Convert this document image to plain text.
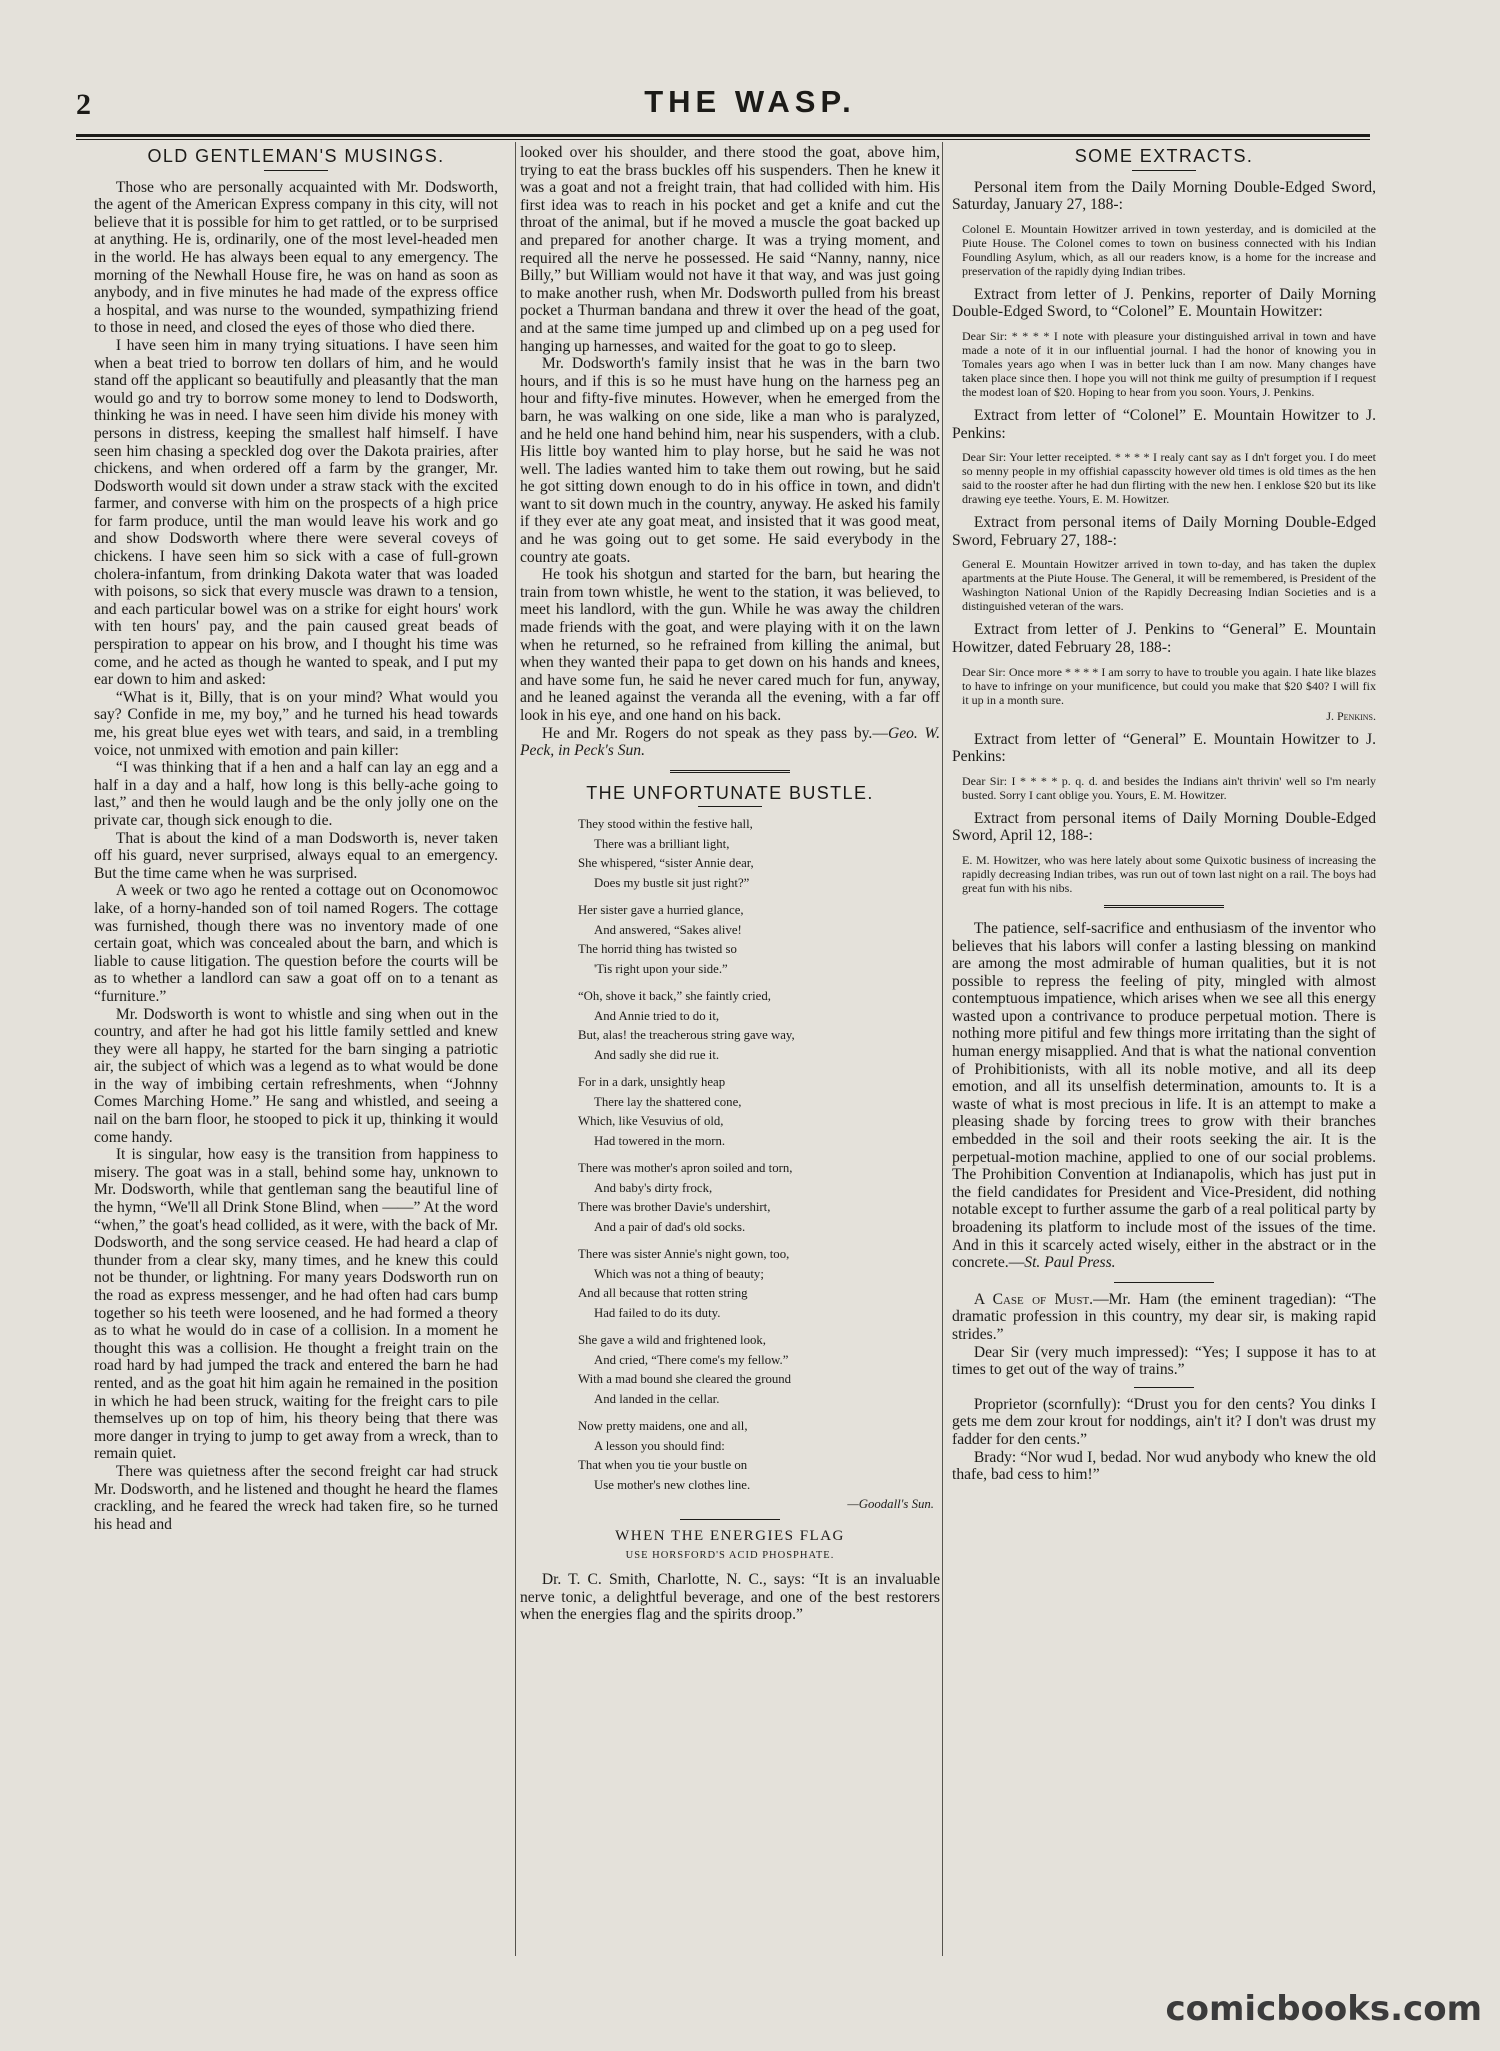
2	THE WASP.
OLD GENTLEMAN'S MUSINGS.

Those who are personally acquainted with Mr. Dodsworth, the agent of the American Express company in this city, will not believe that it is possible for him to get rattled, or to be surprised at anything. He is, ordinarily, one of the most level-headed men in the world. He has always been equal to any emergency. The morning of the Newhall House fire, he was on hand as soon as anybody, and in five minutes he had made of the express office a hospital, and was nurse to the wounded, sympathizing friend to those in need, and closed the eyes of those who died there.

I have seen him in many trying situations. I have seen him when a beat tried to borrow ten dollars of him, and he would stand off the applicant so beautifully and pleasantly that the man would go and try to borrow some money to lend to Dodsworth, thinking he was in need. I have seen him divide his money with persons in distress, keeping the smallest half himself. I have seen him chasing a speckled dog over the Dakota prairies, after chickens, and when ordered off a farm by the granger, Mr. Dodsworth would sit down under a straw stack with the excited farmer, and converse with him on the prospects of a high price for farm produce, until the man would leave his work and go and show Dodsworth where there were several coveys of chickens. I have seen him so sick with a case of full-grown cholera-infantum, from drinking Dakota water that was loaded with poisons, so sick that every muscle was drawn to a tension, and each particular bowel was on a strike for eight hours' work with ten hours' pay, and the pain caused great beads of perspiration to appear on his brow, and I thought his time was come, and he acted as though he wanted to speak, and I put my ear down to him and asked:

“What is it, Billy, that is on your mind? What would you say? Confide in me, my boy,” and he turned his head towards me, his great blue eyes wet with tears, and said, in a trembling voice, not unmixed with emotion and pain killer:

“I was thinking that if a hen and a half can lay an egg and a half in a day and a half, how long is this belly-ache going to last,” and then he would laugh and be the only jolly one on the private car, though sick enough to die.

That is about the kind of a man Dodsworth is, never taken off his guard, never surprised, always equal to an emergency. But the time came when he was surprised.

A week or two ago he rented a cottage out on Oconomowoc lake, of a horny-handed son of toil named Rogers. The cottage was furnished, though there was no inventory made of one certain goat, which was concealed about the barn, and which is liable to cause litigation. The question before the courts will be as to whether a landlord can saw a goat off on to a tenant as “furniture.”

Mr. Dodsworth is wont to whistle and sing when out in the country, and after he had got his little family settled and knew they were all happy, he started for the barn singing a patriotic air, the subject of which was a legend as to what would be done in the way of imbibing certain refreshments, when “Johnny Comes Marching Home.” He sang and whistled, and seeing a nail on the barn floor, he stooped to pick it up, thinking it would come handy.

It is singular, how easy is the transition from happiness to misery. The goat was in a stall, behind some hay, unknown to Mr. Dodsworth, while that gentleman sang the beautiful line of the hymn, “We'll all Drink Stone Blind, when ——” At the word “when,” the goat's head collided, as it were, with the back of Mr. Dodsworth, and the song service ceased. He had heard a clap of thunder from a clear sky, many times, and he knew this could not be thunder, or lightning. For many years Dodsworth run on the road as express messenger, and he had often had cars bump together so his teeth were loosened, and he had formed a theory as to what he would do in case of a collision. In a moment he thought this was a collision. He thought a freight train on the road hard by had jumped the track and entered the barn he had rented, and as the goat hit him again he remained in the position in which he had been struck, waiting for the freight cars to pile themselves up on top of him, his theory being that there was more danger in trying to jump to get away from a wreck, than to remain quiet.

There was quietness after the second freight car had struck Mr. Dodsworth, and he listened and thought he heard the flames crackling, and he feared the wreck had taken fire, so he turned his head and

looked over his shoulder, and there stood the goat, above him, trying to eat the brass buckles off his suspenders. Then he knew it was a goat and not a freight train, that had collided with him. His first idea was to reach in his pocket and get a knife and cut the throat of the animal, but if he moved a muscle the goat backed up and prepared for another charge. It was a trying moment, and required all the nerve he possessed. He said “Nanny, nanny, nice Billy,” but William would not have it that way, and was just going to make another rush, when Mr. Dodsworth pulled from his breast pocket a Thurman bandana and threw it over the head of the goat, and at the same time jumped up and climbed up on a peg used for hanging up harnesses, and waited for the goat to go to sleep.

Mr. Dodsworth's family insist that he was in the barn two hours, and if this is so he must have hung on the harness peg an hour and fifty-five minutes. However, when he emerged from the barn, he was walking on one side, like a man who is paralyzed, and he held one hand behind him, near his suspenders, with a club. His little boy wanted him to play horse, but he said he was not well. The ladies wanted him to take them out rowing, but he said he got sitting down enough to do in his office in town, and didn't want to sit down much in the country, anyway. He asked his family if they ever ate any goat meat, and insisted that it was good meat, and he was going out to get some. He said everybody in the country ate goats.

He took his shotgun and started for the barn, but hearing the train from town whistle, he went to the station, it was believed, to meet his landlord, with the gun. While he was away the children made friends with the goat, and were playing with it on the lawn when he returned, so he refrained from killing the animal, but when they wanted their papa to get down on his hands and knees, and have some fun, he said he never cared much for fun, anyway, and he leaned against the veranda all the evening, with a far off look in his eye, and one hand on his back.

He and Mr. Rogers do not speak as they pass by.—Geo. W. Peck, in Peck's Sun.

THE UNFORTUNATE BUSTLE.
They stood within the festive hall,
There was a brilliant light,
She whispered, “sister Annie dear,
Does my bustle sit just right?”
Her sister gave a hurried glance,
And answered, “Sakes alive!
The horrid thing has twisted so
'Tis right upon your side.”
“Oh, shove it back,” she faintly cried,
And Annie tried to do it,
But, alas! the treacherous string gave way,
And sadly she did rue it.
For in a dark, unsightly heap
There lay the shattered cone,
Which, like Vesuvius of old,
Had towered in the morn.
There was mother's apron soiled and torn,
And baby's dirty frock,
There was brother Davie's undershirt,
And a pair of dad's old socks.
There was sister Annie's night gown, too,
Which was not a thing of beauty;
And all because that rotten string
Had failed to do its duty.
She gave a wild and frightened look,
And cried, “There come's my fellow.”
With a mad bound she cleared the ground
And landed in the cellar.
Now pretty maidens, one and all,
A lesson you should find:
That when you tie your bustle on
Use mother's new clothes line.
—Goodall's Sun.
WHEN THE ENERGIES FLAG
USE HORSFORD'S ACID PHOSPHATE.

Dr. T. C. Smith, Charlotte, N. C., says: “It is an invaluable nerve tonic, a delightful beverage, and one of the best restorers when the energies flag and the spirits droop.”

SOME EXTRACTS.

Personal item from the Daily Morning Double-Edged Sword, Saturday, January 27, 188-:

Colonel E. Mountain Howitzer arrived in town yesterday, and is domiciled at the Piute House. The Colonel comes to town on business connected with his Indian Foundling Asylum, which, as all our readers know, is a home for the increase and preservation of the rapidly dying Indian tribes.

Extract from letter of J. Penkins, reporter of Daily Morning Double-Edged Sword, to “Colonel” E. Mountain Howitzer:

Dear Sir: * * * * I note with pleasure your distinguished arrival in town and have made a note of it in our influential journal. I had the honor of knowing you in Tomales years ago when I was in better luck than I am now. Many changes have taken place since then. I hope you will not think me guilty of presumption if I request the modest loan of $20. Hoping to hear from you soon. Yours, J. Penkins.

Extract from letter of “Colonel” E. Mountain Howitzer to J. Penkins:

Dear Sir: Your letter receipted. * * * * I realy cant say as I dn't forget you. I do meet so menny people in my offishial capasscity however old times is old times as the hen said to the rooster after he had dun flirting with the new hen. I enklose $20 but its like drawing eye teethe. Yours, E. M. Howitzer.

Extract from personal items of Daily Morning Double-Edged Sword, February 27, 188-:

General E. Mountain Howitzer arrived in town to-day, and has taken the duplex apartments at the Piute House. The General, it will be remembered, is President of the Washington National Union of the Rapidly Decreasing Indian Societies and is a distinguished veteran of the wars.

Extract from letter of J. Penkins to “General” E. Mountain Howitzer, dated February 28, 188-:

Dear Sir: Once more * * * * I am sorry to have to trouble you again. I hate like blazes to have to infringe on your munificence, but could you make that $20 $40? I will fix it up in a month sure.
J. Penkins.

Extract from letter of “General” E. Mountain Howitzer to J. Penkins:

Dear Sir: I * * * * p. q. d. and besides the Indians ain't thrivin' well so I'm nearly busted. Sorry I cant oblige you. Yours, E. M. Howitzer.

Extract from personal items of Daily Morning Double-Edged Sword, April 12, 188-:

E. M. Howitzer, who was here lately about some Quixotic business of increasing the rapidly decreasing Indian tribes, was run out of town last night on a rail. The boys had great fun with his nibs.

The patience, self-sacrifice and enthusiasm of the inventor who believes that his labors will confer a lasting blessing on mankind are among the most admirable of human qualities, but it is not possible to repress the feeling of pity, mingled with almost contemptuous impatience, which arises when we see all this energy wasted upon a contrivance to produce perpetual motion. There is nothing more pitiful and few things more irritating than the sight of human energy misapplied. And that is what the national convention of Prohibitionists, with all its noble motive, and all its deep emotion, and all its unselfish determination, amounts to. It is a waste of what is most precious in life. It is an attempt to make a pleasing shade by forcing trees to grow with their branches embedded in the soil and their roots seeking the air. It is the perpetual-motion machine, applied to one of our social problems. The Prohibition Convention at Indianapolis, which has just put in the field candidates for President and Vice-President, did nothing notable except to further assume the garb of a real political party by broadening its platform to include most of the issues of the time. And in this it scarcely acted wisely, either in the abstract or in the concrete.—St. Paul Press.

A Case of Must.—Mr. Ham (the eminent tragedian): “The dramatic profession in this country, my dear sir, is making rapid strides.”

Dear Sir (very much impressed): “Yes; I suppose it has to at times to get out of the way of trains.”

Proprietor (scornfully): “Drust you for den cents? You dinks I gets me dem zour krout for noddings, ain't it? I don't was drust my fadder for den cents.”

Brady: “Nor wud I, bedad. Nor wud anybody who knew the old thafe, bad cess to him!”

comicbooks.com
